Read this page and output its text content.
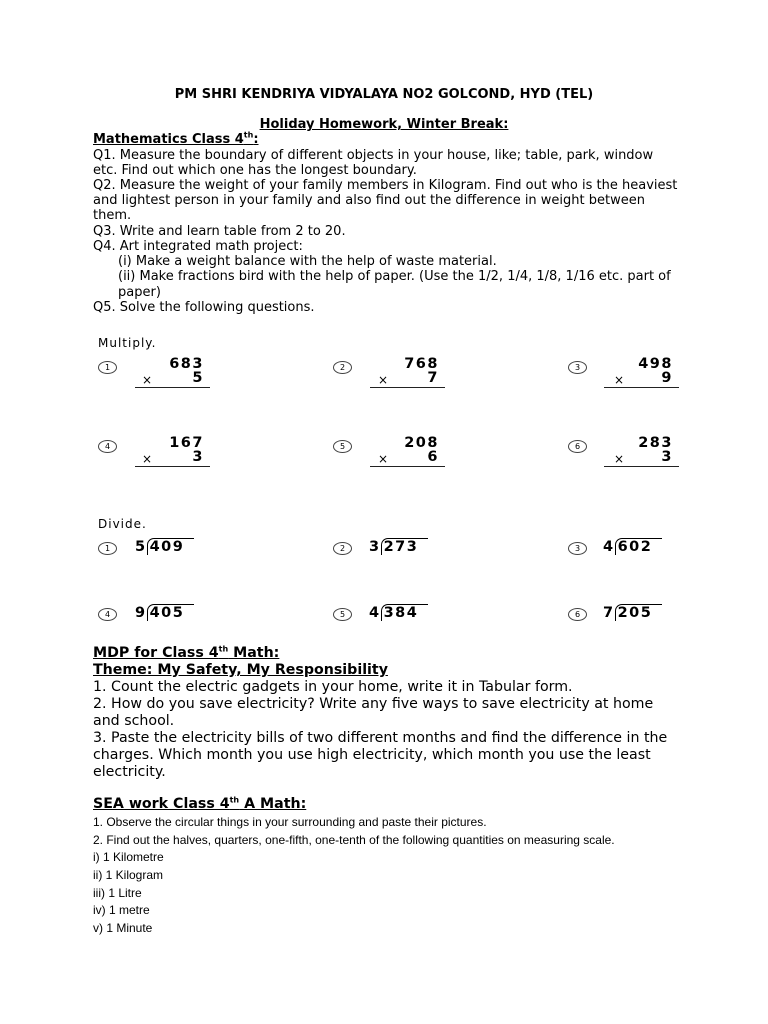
PM SHRI KENDRIYA VIDYALAYA NO2 GOLCOND, HYD (TEL)
Holiday Homework, Winter Break:
Mathematics Class 4th:
Q1. Measure the boundary of different objects in your house, like; table, park, window
etc. Find out which one has the longest boundary.
Q2. Measure the weight of your family members in Kilogram. Find out who is the heaviest
and lightest person in your family and also find out the difference in weight between
them.
Q3. Write and learn table from 2 to 20.
Q4. Art integrated math project:
(i) Make a weight balance with the help of waste material.
(ii) Make fractions bird with the help of paper. (Use the 1/2, 1/4, 1/8, 1/16 etc. part of
paper)
Q5. Solve the following questions.
Multiply.
1	683
×	5
2	768
×	7
3	498
×	9
4	167
×	3
5	208
×	6
6	283
×	3
Divide.
1	5 409	2	3 273	3	4 602
4	9 405	5	4 384	6	7 205
MDP for Class 4th Math:
Theme: My Safety, My Responsibility
1. Count the electric gadgets in your home, write it in Tabular form.
2. How do you save electricity? Write any five ways to save electricity at home
and school.
3. Paste the electricity bills of two different months and find the difference in the
charges. Which month you use high electricity, which month you use the least
electricity.
SEA work Class 4th A Math:
1. Observe the circular things in your surrounding and paste their pictures.
2. Find out the halves, quarters, one-fifth, one-tenth of the following quantities on measuring scale.
i) 1 Kilometre
ii) 1 Kilogram
iii) 1 Litre
iv) 1 metre
v) 1 Minute
